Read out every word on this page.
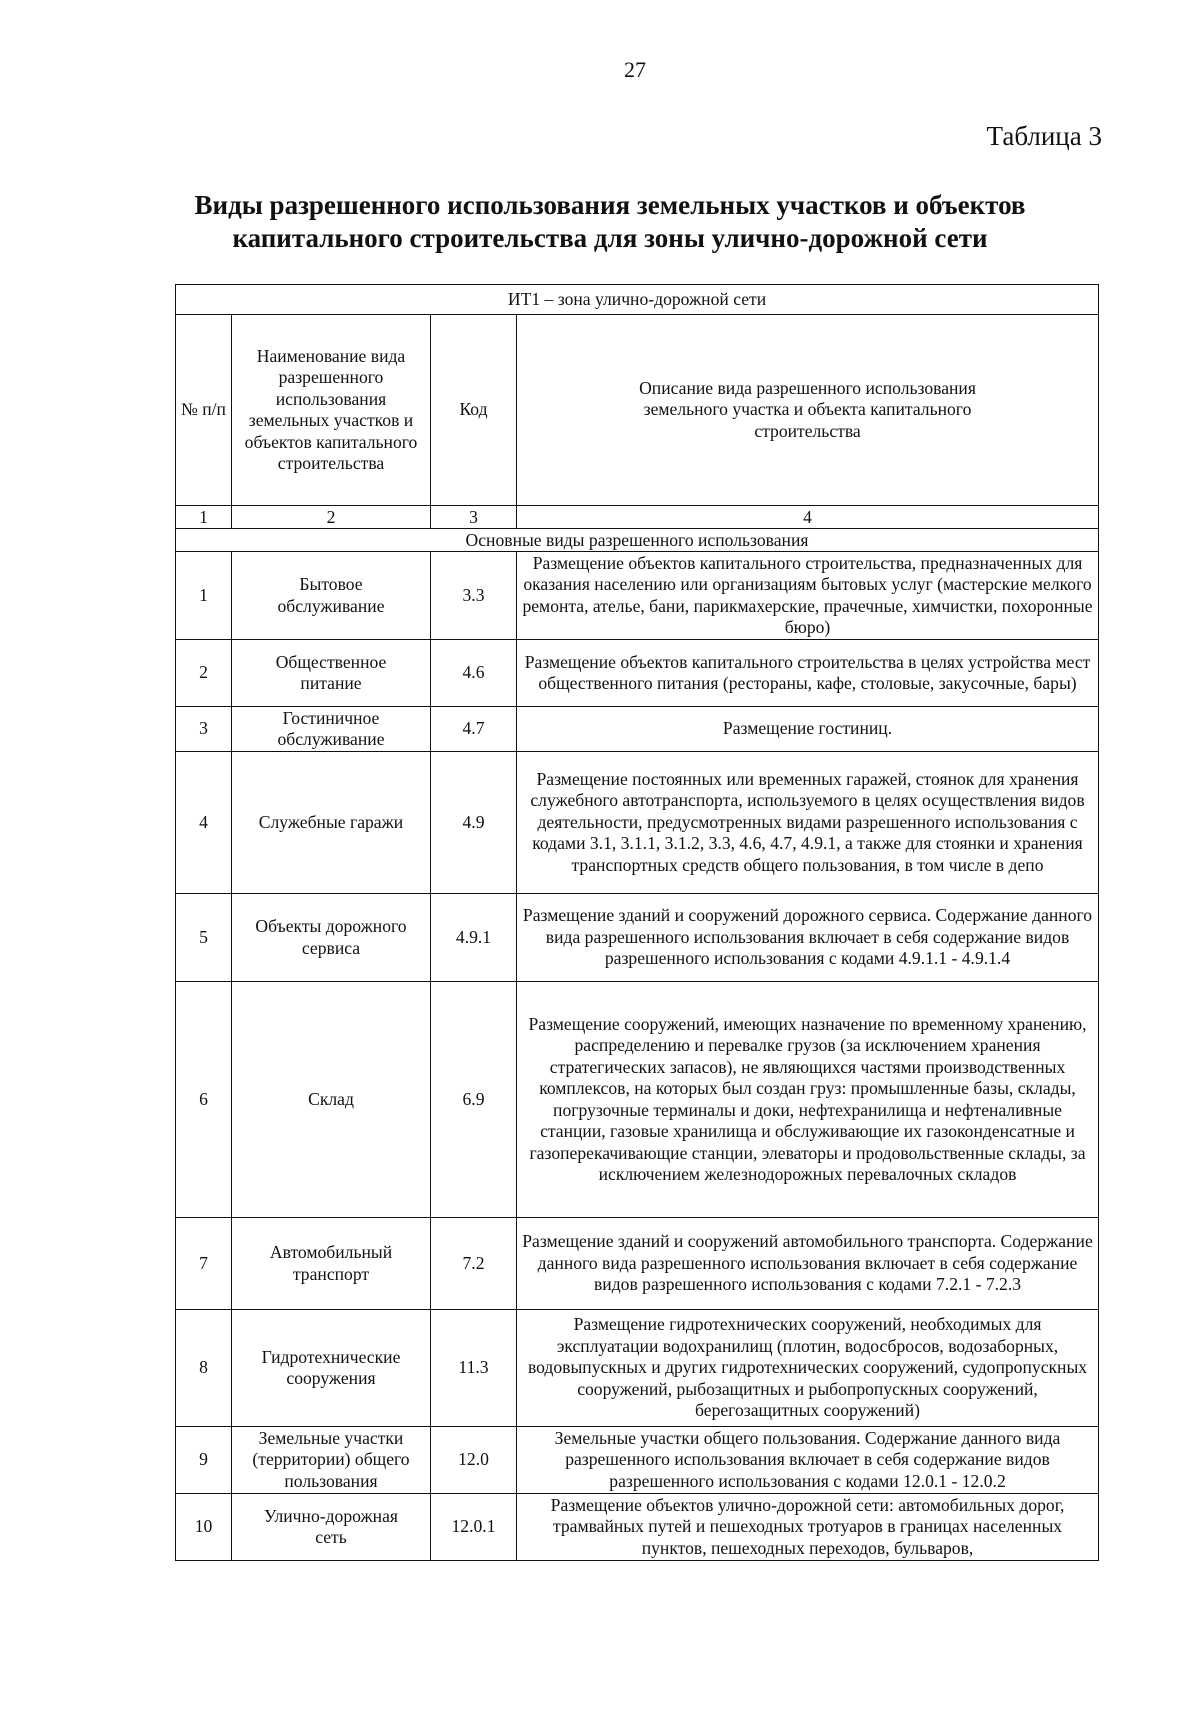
27
Таблица 3
Виды разрешенного использования земельных участков и объектов
капитального строительства для зоны улично-дорожной сети
ИТ1 – зона улично-дорожной сети			
№ п/п	Наименование вида разрешенного использования земельных участков и объектов капитального строительства	Код	Описание вида разрешенного использования земельного участка и объекта капитального строительства
1	2	3	4
Основные виды разрешенного использования			
1	Бытовое обслуживание	3.3	Размещение объектов капитального строительства, предназначенных для оказания населению или организациям бытовых услуг (мастерские мелкого ремонта, ателье, бани, парикмахерские, прачечные, химчистки, похоронные бюро)
2	Общественное питание	4.6	Размещение объектов капитального строительства в целях устройства мест общественного питания (рестораны, кафе, столовые, закусочные, бары)
3	Гостиничное обслуживание	4.7	Размещение гостиниц.
4	Служебные гаражи	4.9	Размещение постоянных или временных гаражей, стоянок для хранения служебного автотранспорта, используемого в целях осуществления видов деятельности, предусмотренных видами разрешенного использования с кодами 3.1, 3.1.1, 3.1.2, 3.3, 4.6, 4.7, 4.9.1, а также для стоянки и хранения транспортных средств общего пользования, в том числе в депо
5	Объекты дорожного сервиса	4.9.1	Размещение зданий и сооружений дорожного сервиса. Содержание данного вида разрешенного использования включает в себя содержание видов разрешенного использования с кодами 4.9.1.1 - 4.9.1.4
6	Склад	6.9	Размещение сооружений, имеющих назначение по временному хранению, распределению и перевалке грузов (за исключением хранения стратегических запасов), не являющихся частями производственных комплексов, на которых был создан груз: промышленные базы, склады, погрузочные терминалы и доки, нефтехранилища и нефтеналивные станции, газовые хранилища и обслуживающие их газоконденсатные и газоперекачивающие станции, элеваторы и продовольственные склады, за исключением железнодорожных перевалочных складов
7	Автомобильный транспорт	7.2	Размещение зданий и сооружений автомобильного транспорта. Содержание данного вида разрешенного использования включает в себя содержание видов разрешенного использования с кодами 7.2.1 - 7.2.3
8	Гидротехнические сооружения	11.3	Размещение гидротехнических сооружений, необходимых для эксплуатации водохранилищ (плотин, водосбросов, водозаборных, водовыпускных и других гидротехнических сооружений, судопропускных сооружений, рыбозащитных и рыбопропускных сооружений, берегозащитных сооружений)
9	Земельные участки (территории) общего пользования	12.0	Земельные участки общего пользования. Содержание данного вида разрешенного использования включает в себя содержание видов разрешенного использования с кодами 12.0.1 - 12.0.2
10	Улично-дорожная сеть	12.0.1	Размещение объектов улично-дорожной сети: автомобильных дорог, трамвайных путей и пешеходных тротуаров в границах населенных пунктов, пешеходных переходов, бульваров,
